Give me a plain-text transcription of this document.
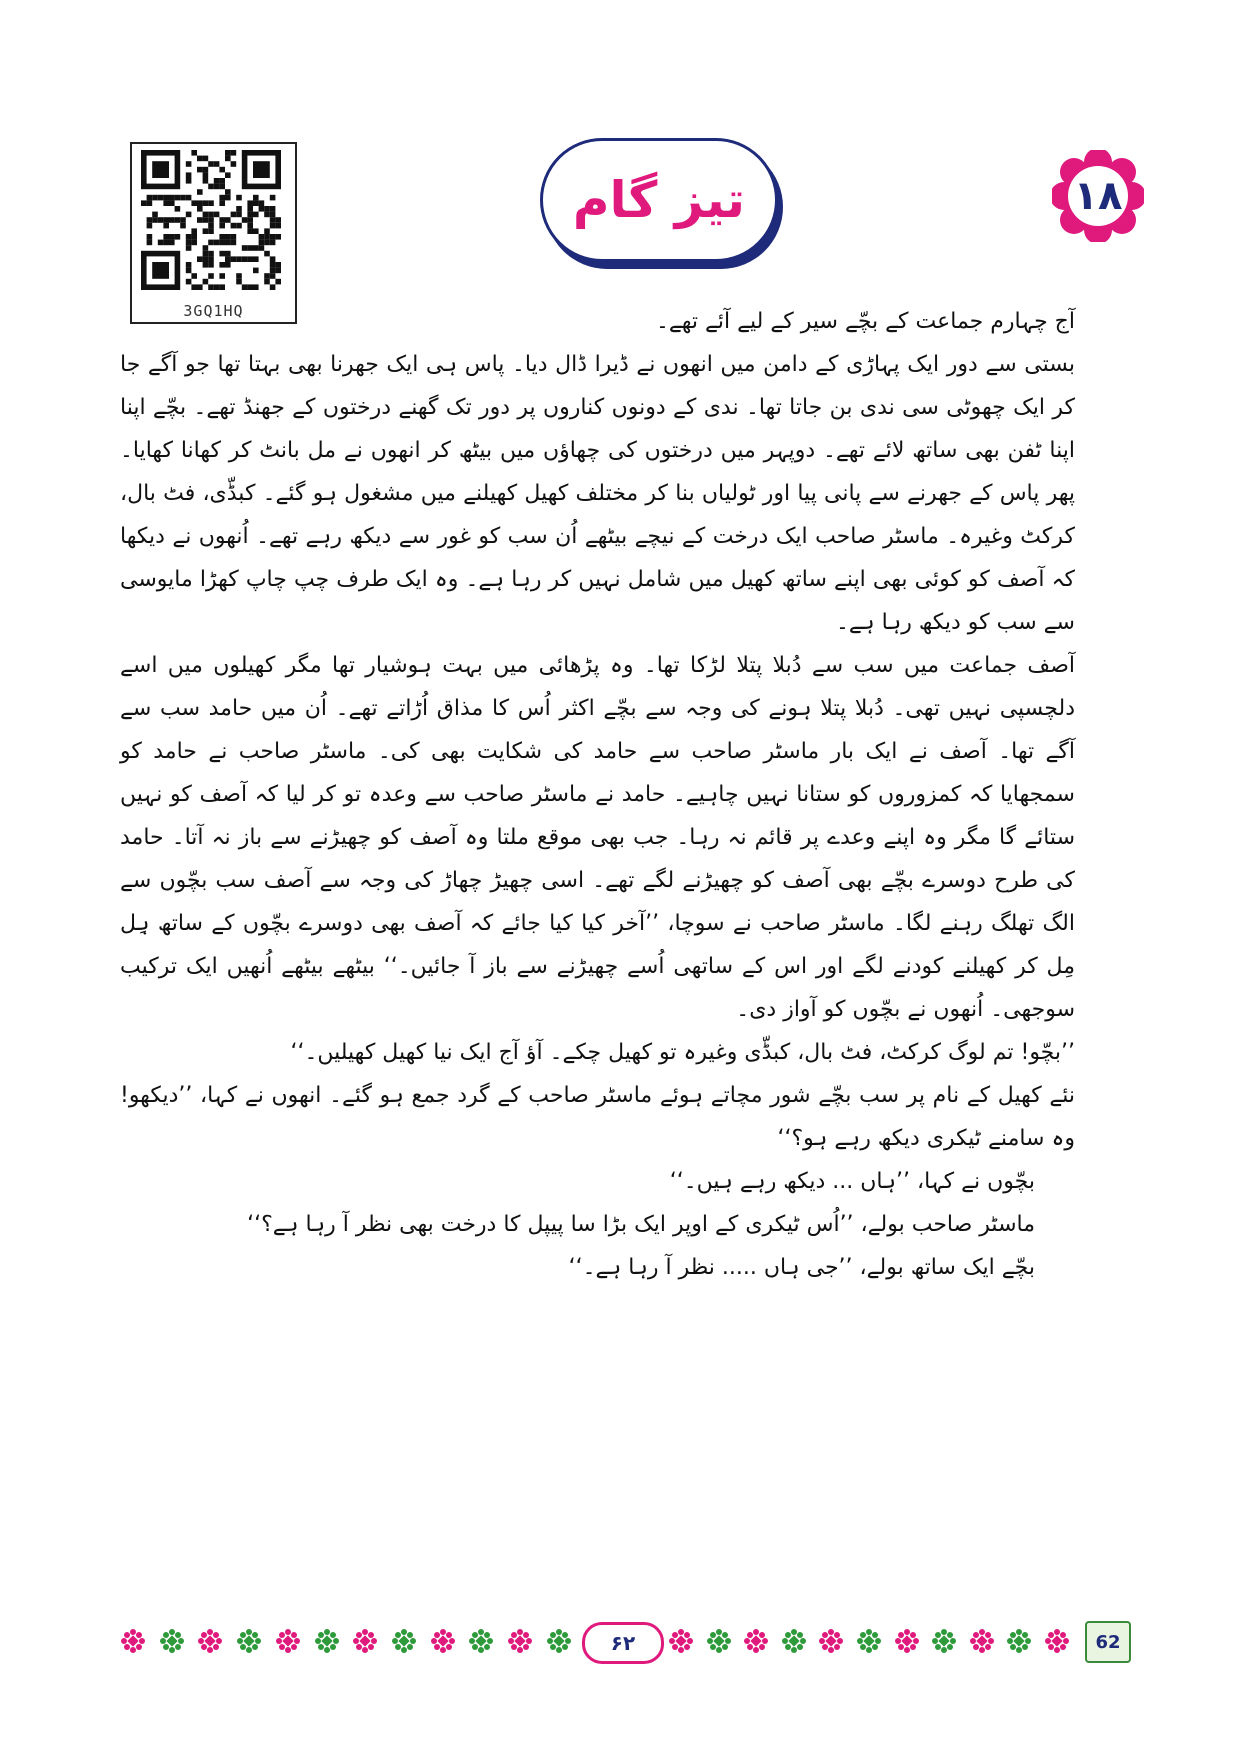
3GQ1HQ
تیز گام	۱۸

آج چہارم جماعت کے بچّے سیر کے لیے آئے تھے۔

بستی سے دور ایک پہاڑی کے دامن میں انھوں نے ڈیرا ڈال دیا۔ پاس ہی ایک جھرنا بھی بہتا تھا جو آگے جا کر ایک چھوٹی سی ندی بن جاتا تھا۔ ندی کے دونوں کناروں پر دور تک گھنے درختوں کے جھنڈ تھے۔ بچّے اپنا اپنا ٹفن بھی ساتھ لائے تھے۔ دوپہر میں درختوں کی چھاؤں میں بیٹھ کر انھوں نے مل بانٹ کر کھانا کھایا۔ پھر پاس کے جھرنے سے پانی پیا اور ٹولیاں بنا کر مختلف کھیل کھیلنے میں مشغول ہو گئے۔ کبڈّی، فٹ بال، کرکٹ وغیرہ۔ ماسٹر صاحب ایک درخت کے نیچے بیٹھے اُن سب کو غور سے دیکھ رہے تھے۔ اُنھوں نے دیکھا کہ آصف کو کوئی بھی اپنے ساتھ کھیل میں شامل نہیں کر رہا ہے۔ وہ ایک طرف چپ چاپ کھڑا مایوسی سے سب کو دیکھ رہا ہے۔

آصف جماعت میں سب سے دُبلا پتلا لڑکا تھا۔ وہ پڑھائی میں بہت ہوشیار تھا مگر کھیلوں میں اسے دلچسپی نہیں تھی۔ دُبلا پتلا ہونے کی وجہ سے بچّے اکثر اُس کا مذاق اُڑاتے تھے۔ اُن میں حامد سب سے آگے تھا۔ آصف نے ایک بار ماسٹر صاحب سے حامد کی شکایت بھی کی۔ ماسٹر صاحب نے حامد کو سمجھایا کہ کمزوروں کو ستانا نہیں چاہیے۔ حامد نے ماسٹر صاحب سے وعدہ تو کر لیا کہ آصف کو نہیں ستائے گا مگر وہ اپنے وعدے پر قائم نہ رہا۔ جب بھی موقع ملتا وہ آصف کو چھیڑنے سے باز نہ آتا۔ حامد کی طرح دوسرے بچّے بھی آصف کو چھیڑنے لگے تھے۔ اسی چھیڑ چھاڑ کی وجہ سے آصف سب بچّوں سے الگ تھلگ رہنے لگا۔ ماسٹر صاحب نے سوچا، ’’آخر کیا کیا جائے کہ آصف بھی دوسرے بچّوں کے ساتھ ہِل مِل کر کھیلنے کودنے لگے اور اس کے ساتھی اُسے چھیڑنے سے باز آ جائیں۔‘‘ بیٹھے بیٹھے اُنھیں ایک ترکیب سوجھی۔ اُنھوں نے بچّوں کو آواز دی۔

’’بچّو! تم لوگ کرکٹ، فٹ بال، کبڈّی وغیرہ تو کھیل چکے۔ آؤ آج ایک نیا کھیل کھیلیں۔‘‘

نئے کھیل کے نام پر سب بچّے شور مچاتے ہوئے ماسٹر صاحب کے گرد جمع ہو گئے۔ انھوں نے کہا، ’’دیکھو! وہ سامنے ٹیکری دیکھ رہے ہو؟‘‘

بچّوں نے کہا، ’’ہاں ... دیکھ رہے ہیں۔‘‘

ماسٹر صاحب بولے، ’’اُس ٹیکری کے اوپر ایک بڑا سا پیپل کا درخت بھی نظر آ رہا ہے؟‘‘

بچّے ایک ساتھ بولے، ’’جی ہاں ..... نظر آ رہا ہے۔‘‘

۶۲	62
